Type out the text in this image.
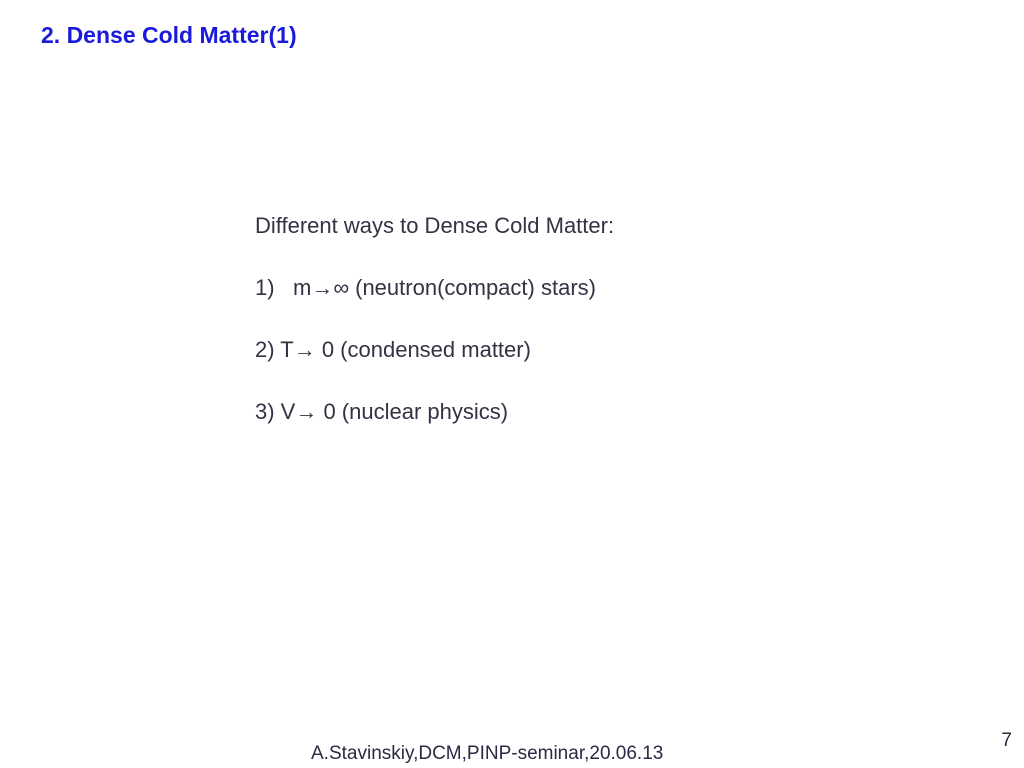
2. Dense Cold Matter(1)
Different ways to Dense Cold Matter:
1) m→∞ (neutron(compact) stars)
2) T→ 0 (condensed matter)
3) V→ 0 (nuclear physics)
A.Stavinskiy,DCM,PINP-seminar,20.06.13
7
